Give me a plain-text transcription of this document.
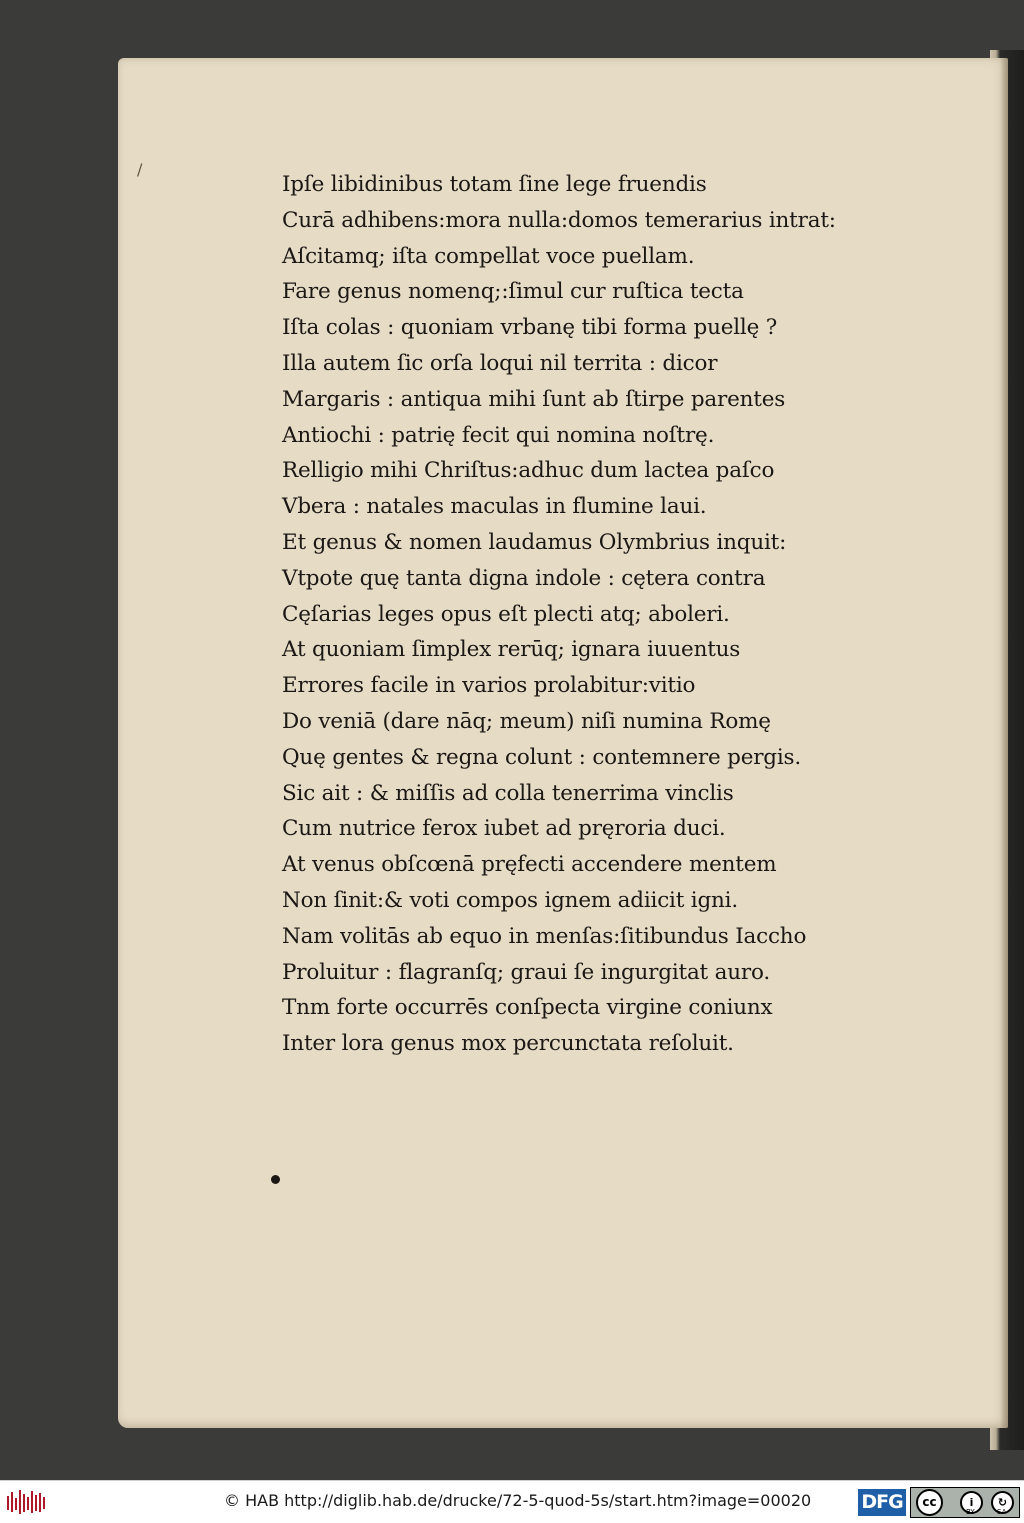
/
Ipſe libidinibus totam ſine lege fruendis
Curā adhibens:mora nulla:domos temerarius intrat:
Aſcitamq; iſta compellat voce puellam.
Fare genus nomenq;:ſimul cur ruſtica tecta
Iſta colas : quoniam vrbanę tibi forma puellę ?
Illa autem ſic orſa loqui nil territa : dicor
Margaris : antiqua mihi ſunt ab ſtirpe parentes
Antiochi : patrię fecit qui nomina noſtrę.
Relligio mihi Chriſtus:adhuc dum lactea paſco
Vbera : natales maculas in flumine laui.
Et genus & nomen laudamus Olymbrius inquit:
Vtpote quę tanta digna indole : cętera contra
Cęſarias leges opus eſt plecti atq; aboleri.
At quoniam ſimplex rerūq; ignara iuuentus
Errores facile in varios prolabitur:vitio
Do veniā (dare nāq; meum) niſi numina Romę
Quę gentes & regna colunt : contemnere pergis.
Sic ait : & miſſis ad colla tenerrima vinclis
Cum nutrice ferox iubet ad pręroria duci.
At venus obſcœnā pręfecti accendere mentem
Non ſinit:& voti compos ignem adiicit igni.
Nam volitās ab equo in menſas:ſitibundus Iaccho
Proluitur : flagranſq; graui ſe ingurgitat auro.
Tnm forte occurrēs conſpecta virgine coniunx
Inter lora genus mox percunctata reſoluit.
© HAB http://diglib.hab.de/drucke/72-5-quod-5s/start.htm?image=00020	DFG	cc	i	↻
BY	SA
